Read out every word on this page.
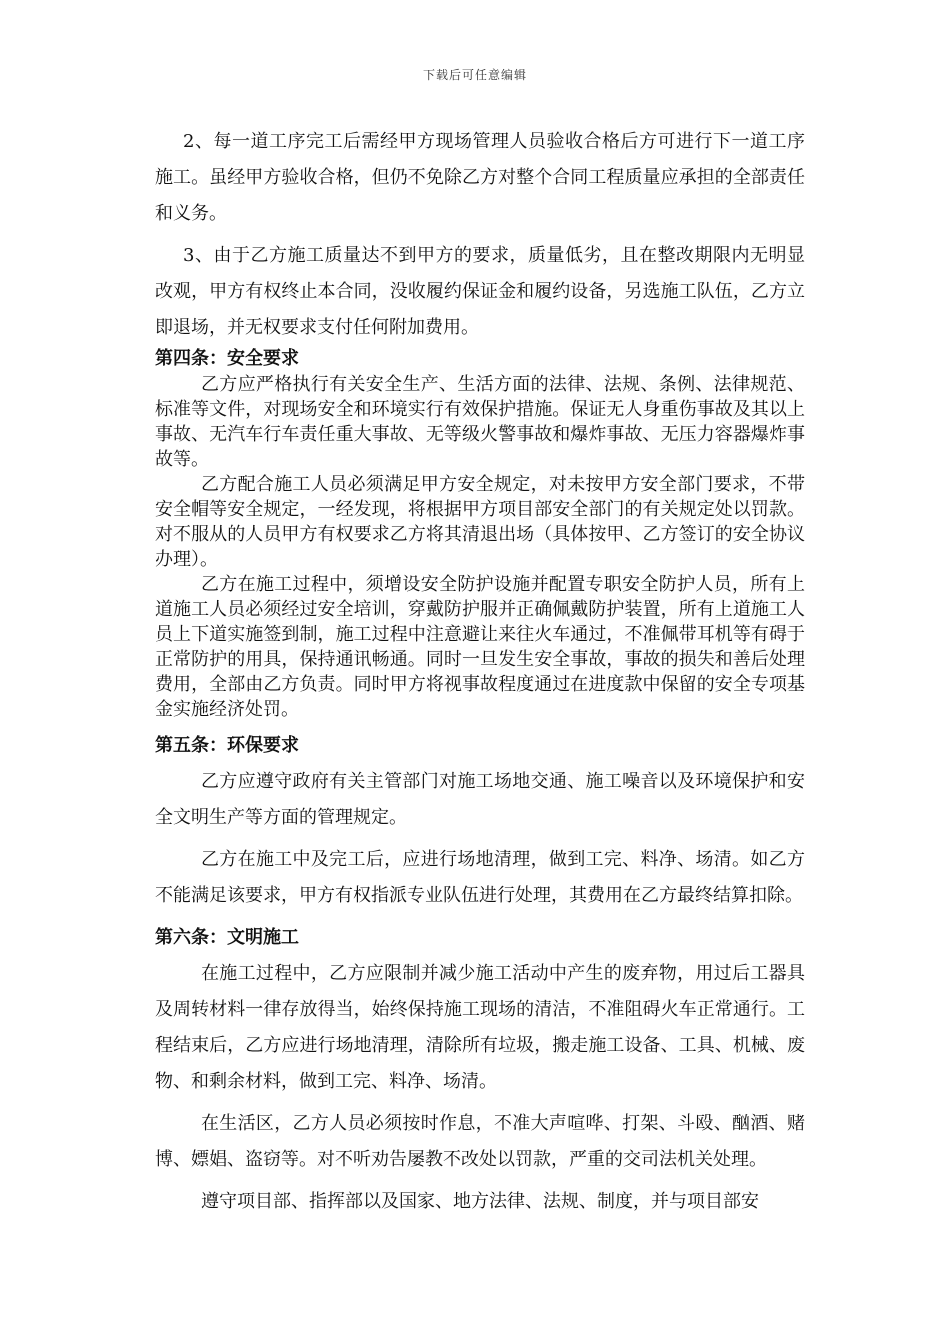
下载后可任意编辑

2、每一道工序完工后需经甲方现场管理人员验收合格后方可进行下一道工序施工。虽经甲方验收合格，但仍不免除乙方对整个合同工程质量应承担的全部责任和义务。

3、由于乙方施工质量达不到甲方的要求，质量低劣，且在整改期限内无明显改观，甲方有权终止本合同，没收履约保证金和履约设备，另选施工队伍，乙方立即退场，并无权要求支付任何附加费用。

第四条：安全要求

乙方应严格执行有关安全生产、生活方面的法律、法规、条例、法律规范、标准等文件，对现场安全和环境实行有效保护措施。保证无人身重伤事故及其以上事故、无汽车行车责任重大事故、无等级火警事故和爆炸事故、无压力容器爆炸事故等。

乙方配合施工人员必须满足甲方安全规定，对未按甲方安全部门要求，不带安全帽等安全规定，一经发现，将根据甲方项目部安全部门的有关规定处以罚款。对不服从的人员甲方有权要求乙方将其清退出场（具体按甲、乙方签订的安全协议办理）。

乙方在施工过程中，须增设安全防护设施并配置专职安全防护人员，所有上道施工人员必须经过安全培训，穿戴防护服并正确佩戴防护装置，所有上道施工人员上下道实施签到制，施工过程中注意避让来往火车通过，不准佩带耳机等有碍于正常防护的用具，保持通讯畅通。同时一旦发生安全事故，事故的损失和善后处理费用，全部由乙方负责。同时甲方将视事故程度通过在进度款中保留的安全专项基金实施经济处罚。

第五条：环保要求

乙方应遵守政府有关主管部门对施工场地交通、施工噪音以及环境保护和安全文明生产等方面的管理规定。

乙方在施工中及完工后，应进行场地清理，做到工完、料净、场清。如乙方不能满足该要求，甲方有权指派专业队伍进行处理，其费用在乙方最终结算扣除。

第六条：文明施工

在施工过程中，乙方应限制并减少施工活动中产生的废弃物，用过后工器具及周转材料一律存放得当，始终保持施工现场的清洁，不准阻碍火车正常通行。工程结束后，乙方应进行场地清理，清除所有垃圾，搬走施工设备、工具、机械、废物、和剩余材料，做到工完、料净、场清。

在生活区，乙方人员必须按时作息，不准大声喧哗、打架、斗殴、酗酒、赌博、嫖娼、盗窃等。对不听劝告屡教不改处以罚款，严重的交司法机关处理。

遵守项目部、指挥部以及国家、地方法律、法规、制度，并与项目部安
